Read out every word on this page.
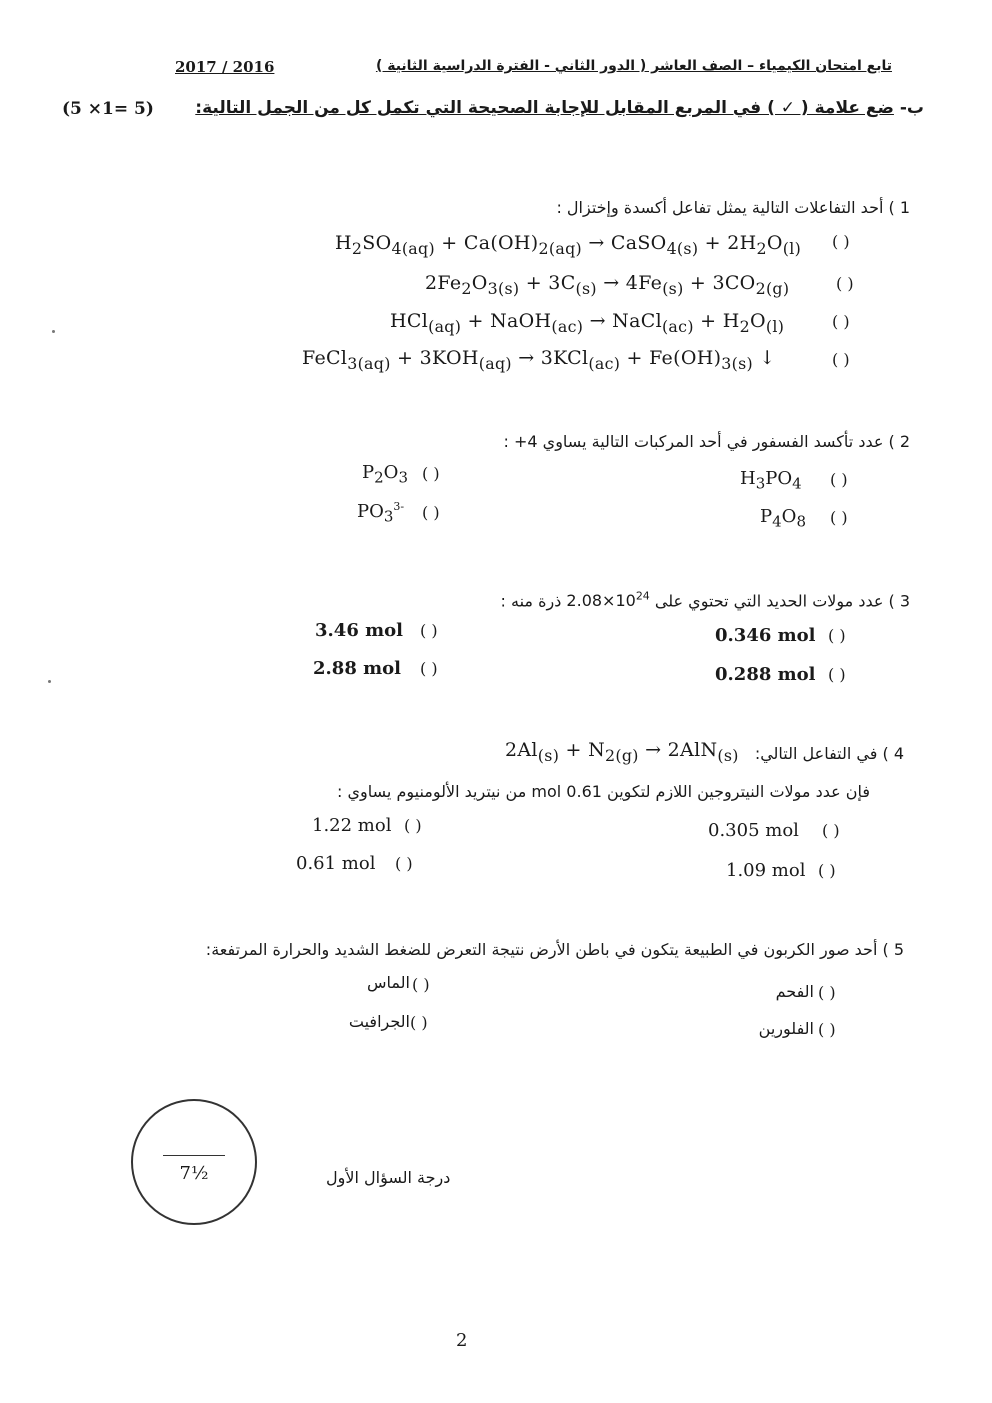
2017 / 2016	تابع امتحان الكيمياء – الصف العاشر ( الدور الثاني - الفترة الدراسية الثانية )
ب- ضع علامة ( ✓ ) في المربع المقابل للإجابة الصحيحة التي تكمل كل من الجمل التالية:
(5 ×1= 5)
1 ) أحد التفاعلات التالية يمثل تفاعل أكسدة وإختزال :
$H_2SO_{4(aq)} + Ca(OH)_{2(aq)}$ → CaSO$_{4(s)}$ + $2H_2O_{(l)}$ ( )
$2Fe_2O_{3(s)} + 3C_{(s)} \to 4Fe_{(s)} + 3CO_{2(g)}$	( )
HCl$_{(aq)}$ + NaOH$_{(ac)}$ → NaCl$_{(ac)}$ + $H_2O_{(l)}$	( )
FeCl$_{3(aq)}$ + $3KOH_{(aq)} \to 3KCl_{(ac)} + Fe(OH)_{3(s)}$ ↓	( )
2 ) عدد تأكسد الفسفور في أحد المركبات التالية يساوي 4+ :
$H_3PO_4$ ( )
$P_2O_3$ ( )
$P_4O_8$ ( )
$PO_3^{3-}$ ( )
3 ) عدد مولات الحديد التي تحتوي على $2.08\times 10^{24}$ ذرة منه :
0.346 mol ( )
3.46 mol ( )
0.288 mol ( )
2.88 mol ( )
4 ) في التفاعل التالي:
$2Al_{(s)} + N_{2(g)} \to 2AlN_{(s)}$
فإن عدد مولات النيتروجين اللازم لتكوين 0.61 mol من نيتريد الألومنيوم يساوي :
0.305 mol ( )
1.22 mol ( )
1.09 mol ( )
0.61 mol ( )
5 ) أحد صور الكربون في الطبيعة يتكون في باطن الأرض نتيجة التعرض للضغط الشديد والحرارة المرتفعة:
الفحم ( )
الماس ( )
الفلورين ( )
الجرافيت ( )
7½	درجة السؤال الأول
2
